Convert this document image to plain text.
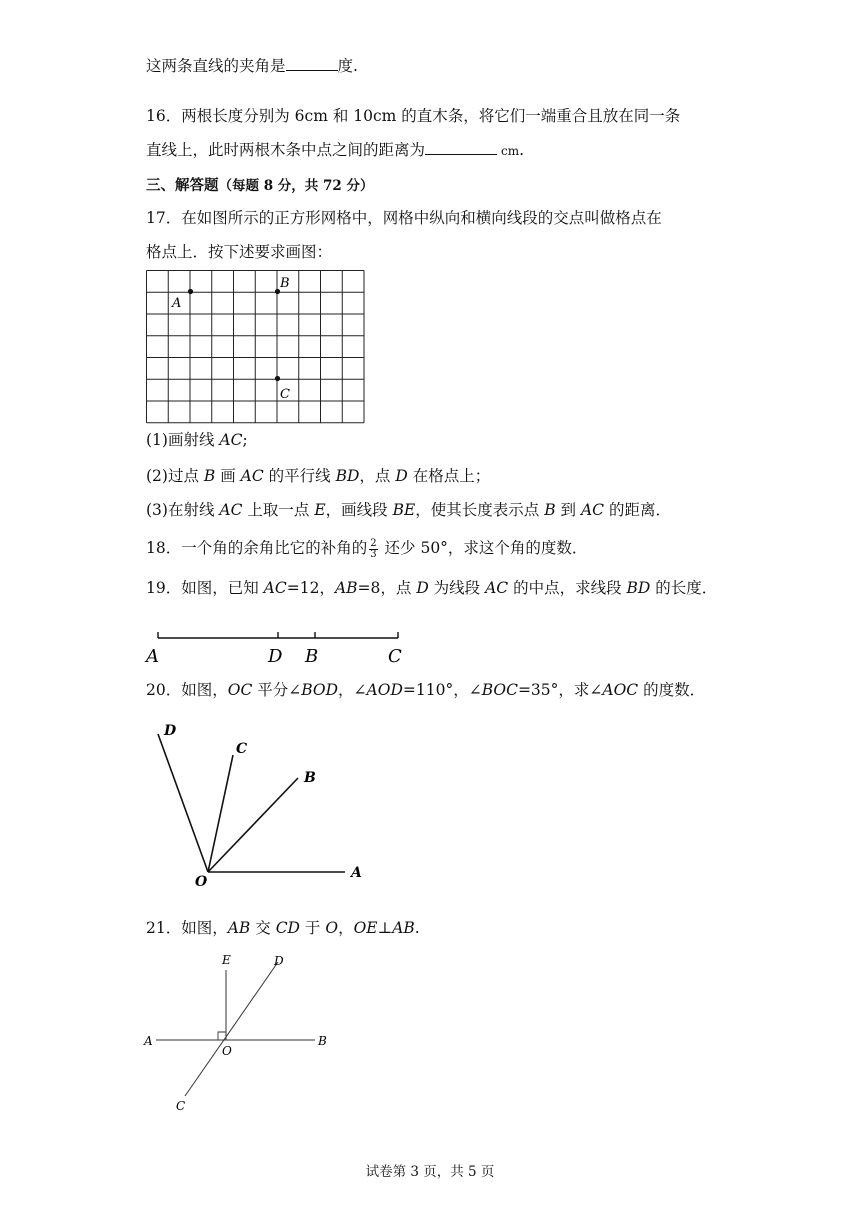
这两条直线的夹角是	度.
16．两根长度分别为 6cm 和 10cm 的直木条，将它们一端重合且放在同一条
直线上，此时两根木条中点之间的距离为	cm.
三、解答题（每题 8 分，共 72 分）
17．在如图所示的正方形网格中，网格中纵向和横向线段的交点叫做格点在
格点上．按下述要求画图：
A
B
C
(1)画射线 AC;
(2)过点 B 画 AC 的平行线 BD，点 D 在格点上；
(3)在射线 AC 上取一点 E，画线段 BE，使其长度表示点 B 到 AC 的距离．
18．一个角的余角比它的补角的 $\frac{2}{3}$ 还少 50°，求这个角的度数．
19．如图，已知 AC=12，AB=8，点 D 为线段 AC 的中点，求线段 BD 的长度．
A	D B	C
20．如图，OC 平分∠BOD，∠AOD=110°，∠BOC=35°，求∠AOC 的度数．
D
C
B
O
A
21．如图，AB 交 CD 于 O，OE⊥AB.
E	D
A
O
B
C
试卷第 3 页，共 5 页
